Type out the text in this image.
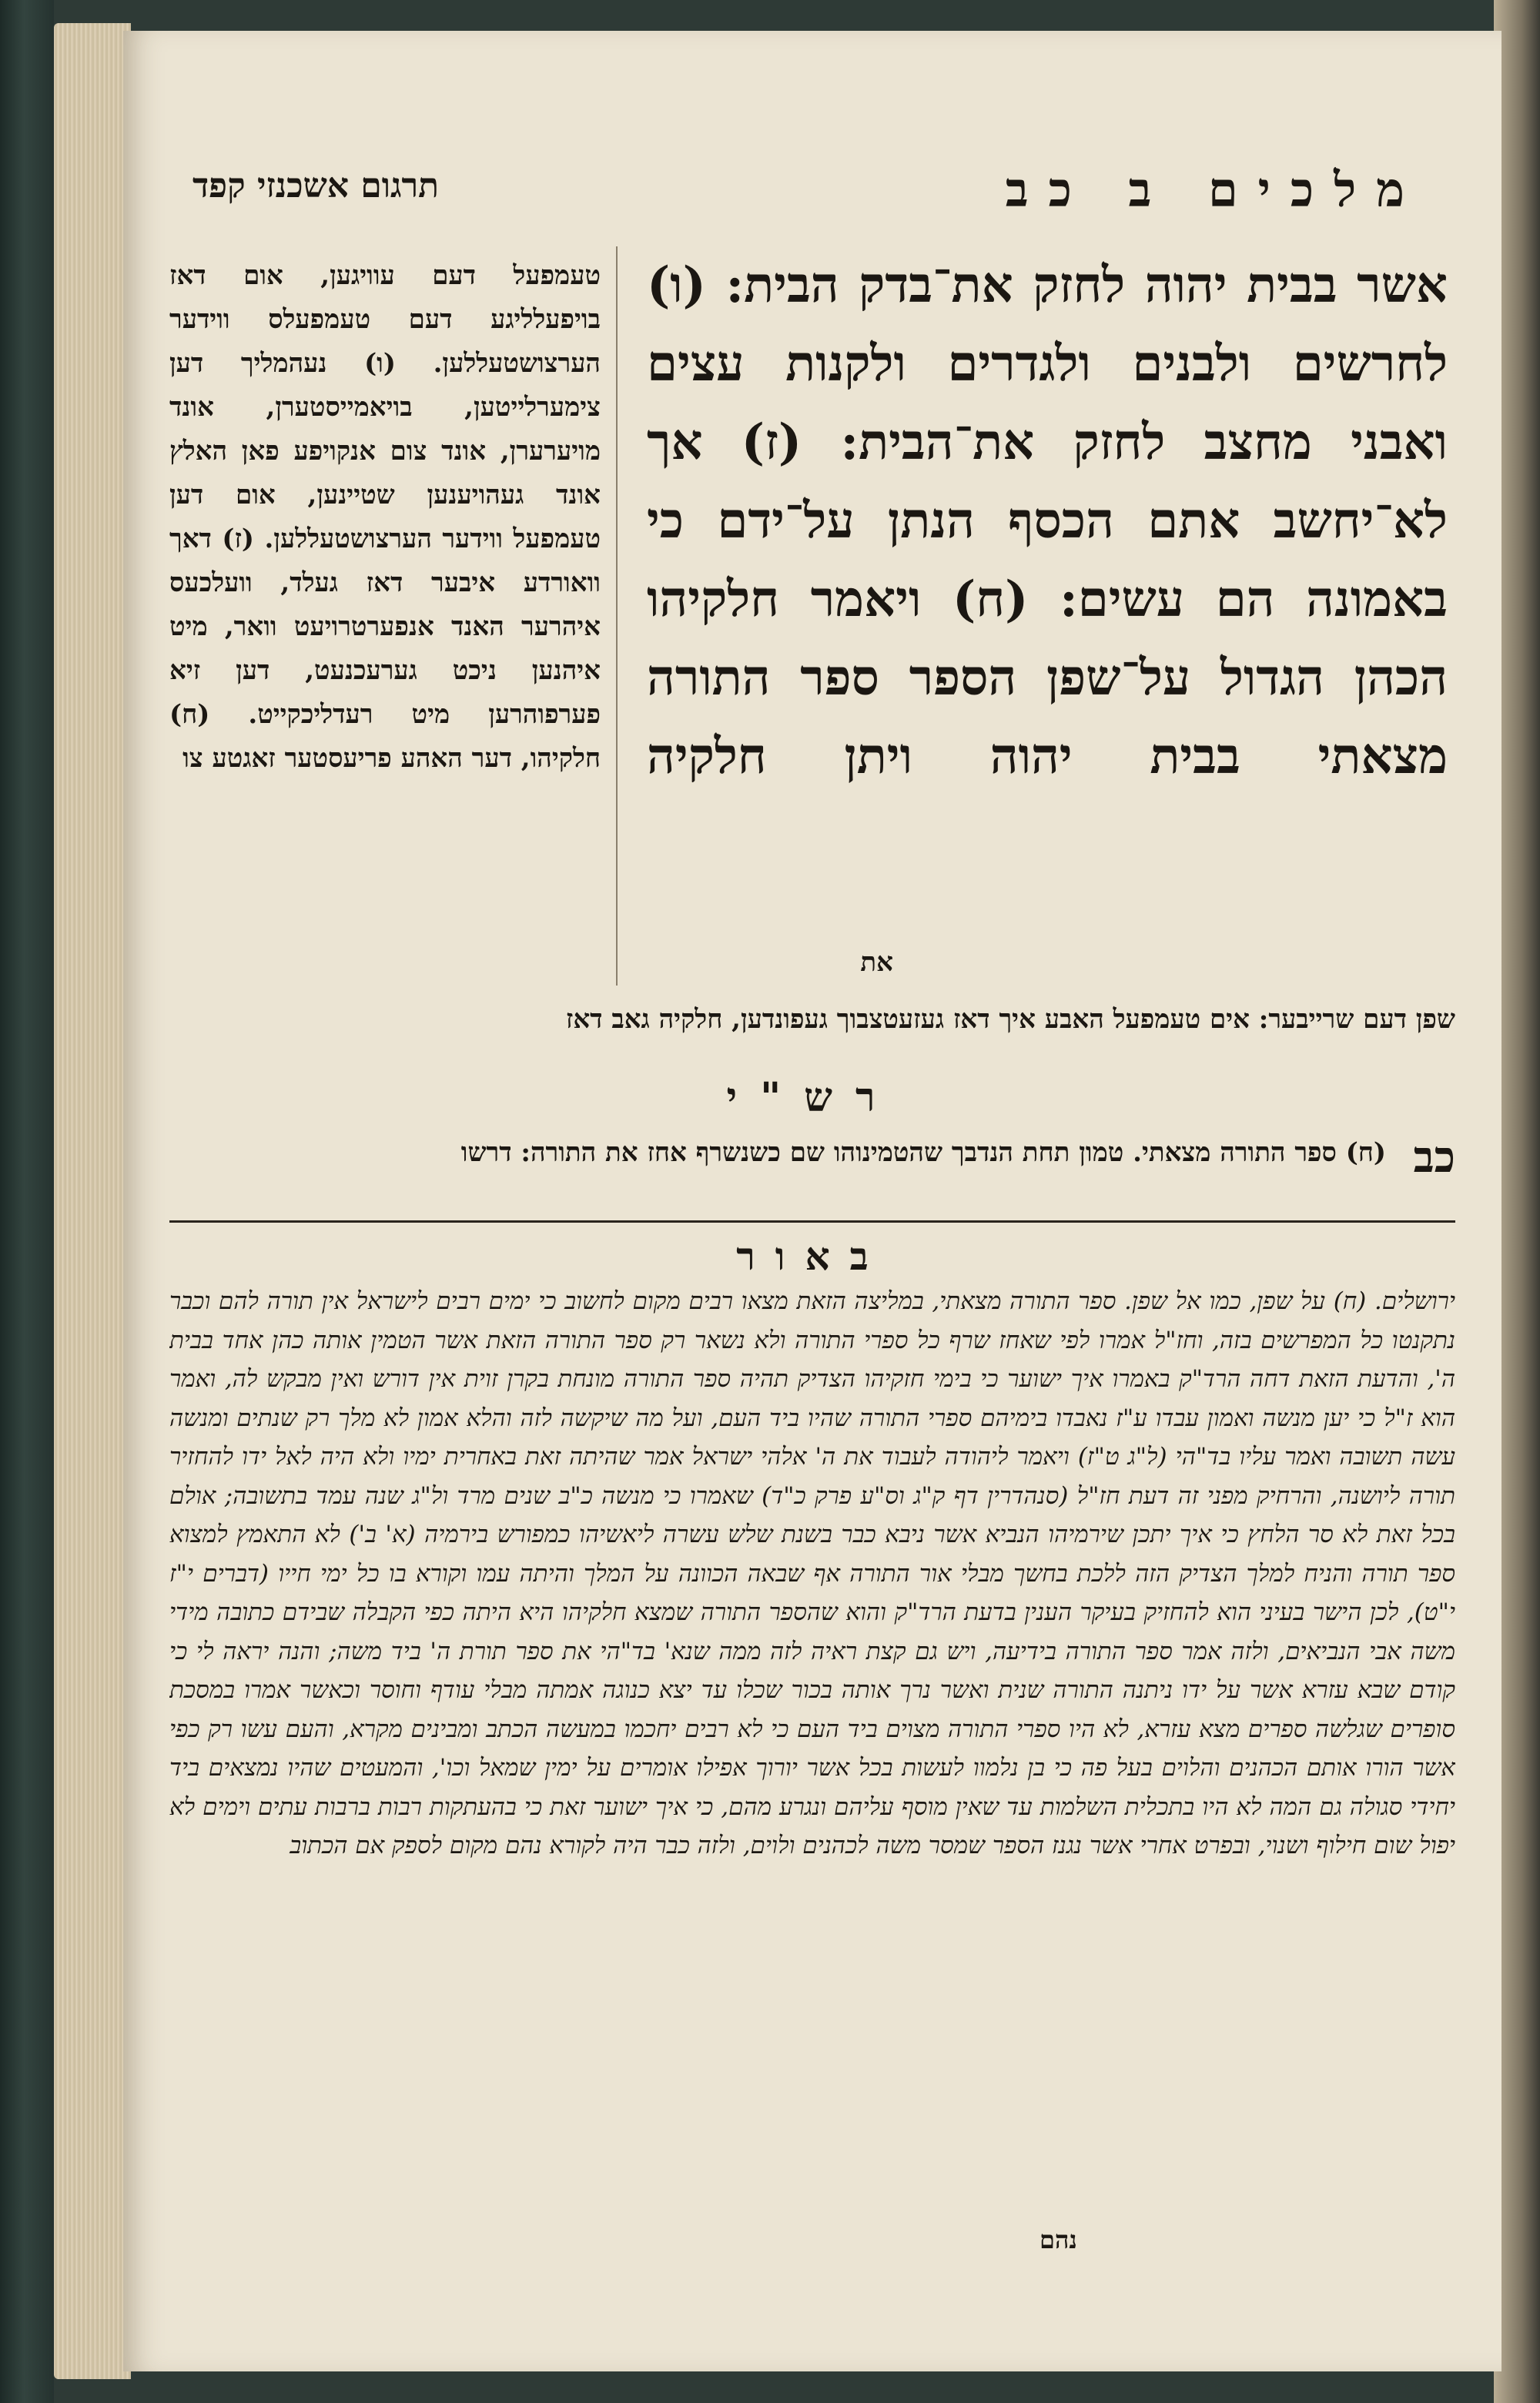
מלכים ב כב
תרגום אשכנזי קפד
אשר בבית יהוה לחזק את־בדק הבית: (ו) לחרשים ולבנים ולגדרים ולקנות עצים ואבני מחצב לחזק את־הבית: (ז) אך לא־יחשב אתם הכסף הנתן על־ידם כי באמונה הם עשים: (ח) ויאמר חלקיהו הכהן הגדול על־שפן הספר ספר התורה מצאתי בבית יהוה ויתן חלקיה
טעמפעל דעם עוויגען, אום דאז בויפעלליגע דעם טעמפעלס ווידער הערצושטעללען. (ו) נעהמליך דען צימערלייטען, בויאמייסטערן, אונד מויערערן, אונד צום אנקויפע פאן האלץ אונד געהויענען שטיינען, אום דען טעמפעל ווידער הערצושטעללען. (ז) דאך וואורדע איבער דאז געלד, וועלכעס איהרער האנד אנפערטרויעט וואר, מיט איהנען ניכט גערעכנעט, דען זיא פערפוהרען מיט רעדליכקייט. (ח) חלקיהו, דער האהע פריעסטער זאגטע צו
את
שפן דעם שרייבער: אים טעמפעל האבע איך דאז געזעטצבוך געפונדען, חלקיה גאב דאז
רש"י
כב
(ח) ספר התורה מצאתי. טמון תחת הנדבך שהטמינוהו שם כשנשרף אחז את התורה: דרשו
באור
ירושלים. (ח) על שפן, כמו אל שפן. ספר התורה מצאתי, במליצה הזאת מצאו רבים מקום לחשוב כי ימים רבים לישראל אין תורה להם וכבר נתקנטו כל המפרשים בזה, וחז"ל אמרו לפי שאחז שרף כל ספרי התורה ולא נשאר רק ספר התורה הזאת אשר הטמין אותה כהן אחד בבית ה', והדעת הזאת דחה הרד"ק באמרו איך ישוער כי בימי חזקיהו הצדיק תהיה ספר התורה מונחת בקרן זוית אין דורש ואין מבקש לה, ואמר הוא ז"ל כי יען מנשה ואמון עבדו ע"ז נאבדו בימיהם ספרי התורה שהיו ביד העם, ועל מה שיקשה לזה והלא אמון לא מלך רק שנתים ומנשה עשה תשובה ואמר עליו בד"הי (ל"ג ט"ז) ויאמר ליהודה לעבוד את ה' אלהי ישראל אמר שהיתה זאת באחרית ימיו ולא היה לאל ידו להחזיר תורה ליושנה, והרחיק מפני זה דעת חז"ל (סנהדרין דף ק"ג וס"ע פרק כ"ד) שאמרו כי מנשה כ"ב שנים מרד ול"ג שנה עמד בתשובה; אולם בכל זאת לא סר הלחץ כי איך יתכן שירמיהו הנביא אשר ניבא כבר בשנת שלש עשרה ליאשיהו כמפורש בירמיה (א' ב') לא התאמץ למצוא ספר תורה והניח למלך הצדיק הזה ללכת בחשך מבלי אור התורה אף שבאה הכוונה על המלך והיתה עמו וקורא בו כל ימי חייו (דברים י"ז י"ט), לכן הישר בעיני הוא להחזיק בעיקר הענין בדעת הרד"ק והוא שהספר התורה שמצא חלקיהו היא היתה כפי הקבלה שבידם כתובה מידי משה אבי הנביאים, ולזה אמר ספר התורה בידיעה, ויש גם קצת ראיה לזה ממה שנא' בד"הי את ספר תורת ה' ביד משה; והנה יראה לי כי קודם שבא עזרא אשר על ידו ניתנה התורה שנית ואשר נרך אותה בכור שכלו עד יצא כנוגה אמתה מבלי עודף וחוסר וכאשר אמרו במסכת סופרים שגלשה ספרים מצא עזרא, לא היו ספרי התורה מצוים ביד העם כי לא רבים יחכמו במעשה הכתב ומבינים מקרא, והעם עשו רק כפי אשר הורו אותם הכהנים והלוים בעל פה כי בן נלמוו לעשות בכל אשר יורוך אפילו אומרים על ימין שמאל וכו', והמעטים שהיו נמצאים ביד יחידי סגולה גם המה לא היו בתכלית השלמות עד שאין מוסף עליהם ונגרע מהם, כי איך ישוער זאת כי בהעתקות רבות ברבות עתים וימים לא יפול שום חילוף ושנוי, ובפרט אחרי אשר נגנז הספר שמסר משה לכהנים ולוים, ולזה כבר היה לקורא נהם מקום לספק אם הכתוב
נהם
